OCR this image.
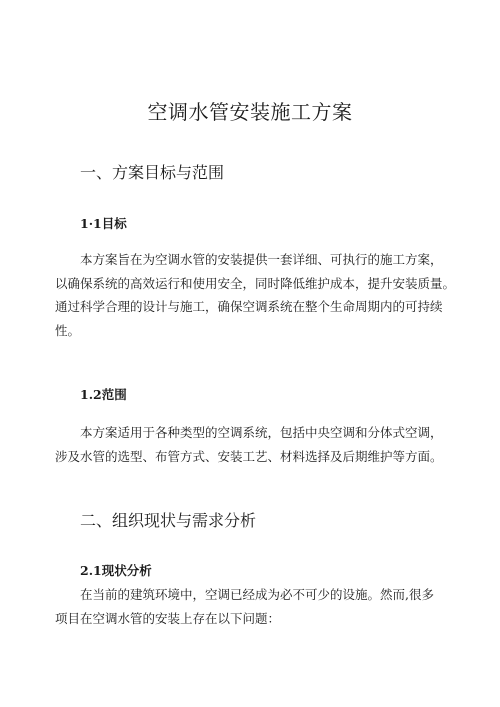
空调水管安装施工方案
一、方案目标与范围
1·1目标
本方案旨在为空调水管的安装提供一套详细、可执行的施工方案，
以确保系统的高效运行和使用安全，同时降低维护成本，提升安装质量。
通过科学合理的设计与施工，确保空调系统在整个生命周期内的可持续
性。
1.2范围
本方案适用于各种类型的空调系统，包括中央空调和分体式空调，
涉及水管的选型、布管方式、安装工艺、材料选择及后期维护等方面。
二、组织现状与需求分析
2.1现状分析
在当前的建筑环境中，空调已经成为必不可少的设施。然而,很多
项目在空调水管的安装上存在以下问题：
